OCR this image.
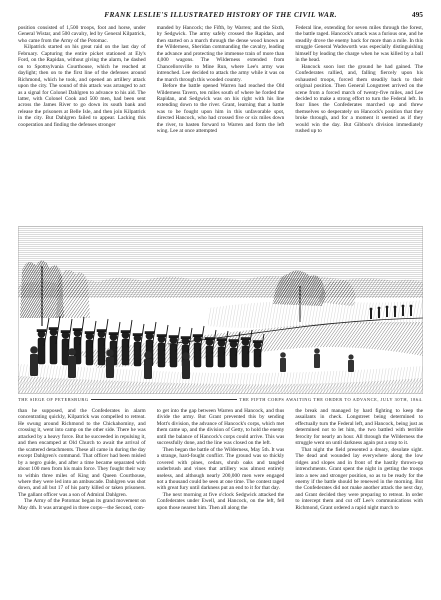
FRANK LESLIE'S ILLUSTRATED HISTORY OF THE CIVIL WAR.	495

position consisted of 1,500 troops, foot and horse, under General Wistar, and 500 cavalry, led by General Kilpatrick, who came from the Army of the Potomac.

Kilpatrick started on his great raid on the last day of February. Capturing the entire picket stationed at Ely's Ford, on the Rapidan, without giving the alarm, he dashed on to Spottsylvania Courthouse, which he reached at daylight; then on to the first line of the defenses around Richmond, which he took, and opened an artillery attack upon the city. The sound of this attack was arranged to act as a signal for Colonel Dahlgren to advance to his aid. The latter, with Colonel Cook and 500 men, had been sent across the James River to go down its south bank and release the prisoners at Belle Isle, and then join Kilpatrick in the city. But Dahlgren failed to appear. Lacking this cooperation and finding the defenses stronger

manded by Hancock; the Fifth, by Warren; and the Sixth, by Sedgwick. The army safely crossed the Rapidan, and then started on a march through the dense wood known as the Wilderness, Sheridan commanding the cavalry, leading the advance and protecting the immense train of more than 4,000 wagons. The Wilderness extended from Chancellorsville to Mine Run, where Lee's army was intrenched. Lee decided to attack the army while it was on the march through this wooded country.

Before the battle opened Warren had reached the Old Wilderness Tavern, ten miles south of where he forded the Rapidan, and Sedgwick was on his right with his line extending down to the river. Grant, learning that a battle was to be fought upon him in this unfavorable spot, directed Hancock, who had crossed five or six miles down the river, to hasten forward to Warren and form the left wing. Lee at once attempted

Federal line, extending for seven miles through the forest, the battle raged. Hancock's attack was a furious one, and he steadily drove the enemy back for more than a mile. In this struggle General Wadsworth was especially distinguishing himself by leading the charge when he was killed by a ball in the head.

Hancock soon lost the ground he had gained. The Confederates rallied, and, falling fiercely upon his exhausted troops, forced them steadily back to their original position. Then General Longstreet arrived on the scene from a forced march of twenty-five miles, and Lee decided to make a strong effort to turn the Federal left. In four lines the Confederates marched up and threw themselves so desperately on Hancock's position that they broke through, and for a moment it seemed as if they would win the day. But Gibbon's division immediately rushed up to

THE SIEGE OF PETERSBURG	THE FIFTH CORPS AWAITING THE ORDER TO ADVANCE, JULY 30TH, 1864.

than he supposed, and the Confederates in alarm concentrating quickly, Kilpatrick was compelled to retreat. He swung around Richmond to the Chickahominy, and crossing it, went into camp on the other side. There he was attacked by a heavy force. But he succeeded in repulsing it, and then encamped at Old Church to await the arrival of the scattered detachments. These all came in during the day except Dahlgren's command. That officer had been misled by a negro guide, and after a time became separated with about 100 men from his main force. They fought their way to within three miles of King and Queen Courthouse, where they were led into an ambuscade. Dahlgren was shot down, and all but 17 of his party killed or taken prisoners. The gallant officer was a son of Admiral Dahlgren.

The Army of the Potomac began its grand movement on May 4th. It was arranged in three corps—the Second, com-

to get into the gap between Warren and Hancock, and thus divide the army. But Grant prevented this by sending Mott's division, the advance of Hancock's corps, which met them came up, and the division of Getty, to hold the enemy until the balance of Hancock's corps could arrive. This was successfully done, and the line was closed on the left.

Then began the battle of the Wilderness, May 5th. It was a strange, hard-fought conflict. The ground was so thickly covered with pines, cedars, shrub oaks and tangled underbrush and vines that artillery was almost entirely useless, and although nearly 200,000 men were engaged not a thousand could be seen at one time. The contest raged with great fury until darkness put an end to it for that day.

The next morning at five o'clock Sedgwick attacked the Confederates under Ewell, and Hancock, on the left, fell upon those nearest him. Then all along the

the break and managed by hard fighting to keep the assailants in check. Longstreet being determined to effectually turn the Federal left, and Hancock, being just as determined not to let him, the two battled with terrible ferocity for nearly an hour. All through the Wilderness the struggle went on until darkness again put a stop to it.

That night the field presented a dreary, desolate sight. The dead and wounded lay everywhere along the low ridges and slopes and in front of the hastily thrown-up intrenchments. Grant spent the night in getting the troops into a new and stronger position, so as to be ready for the enemy if the battle should be renewed in the morning. But the Confederates did not make another attack the next day, and Grant decided they were preparing to retreat. In order to intercept them and cut off Lee's communications with Richmond, Grant ordered a rapid night march to
